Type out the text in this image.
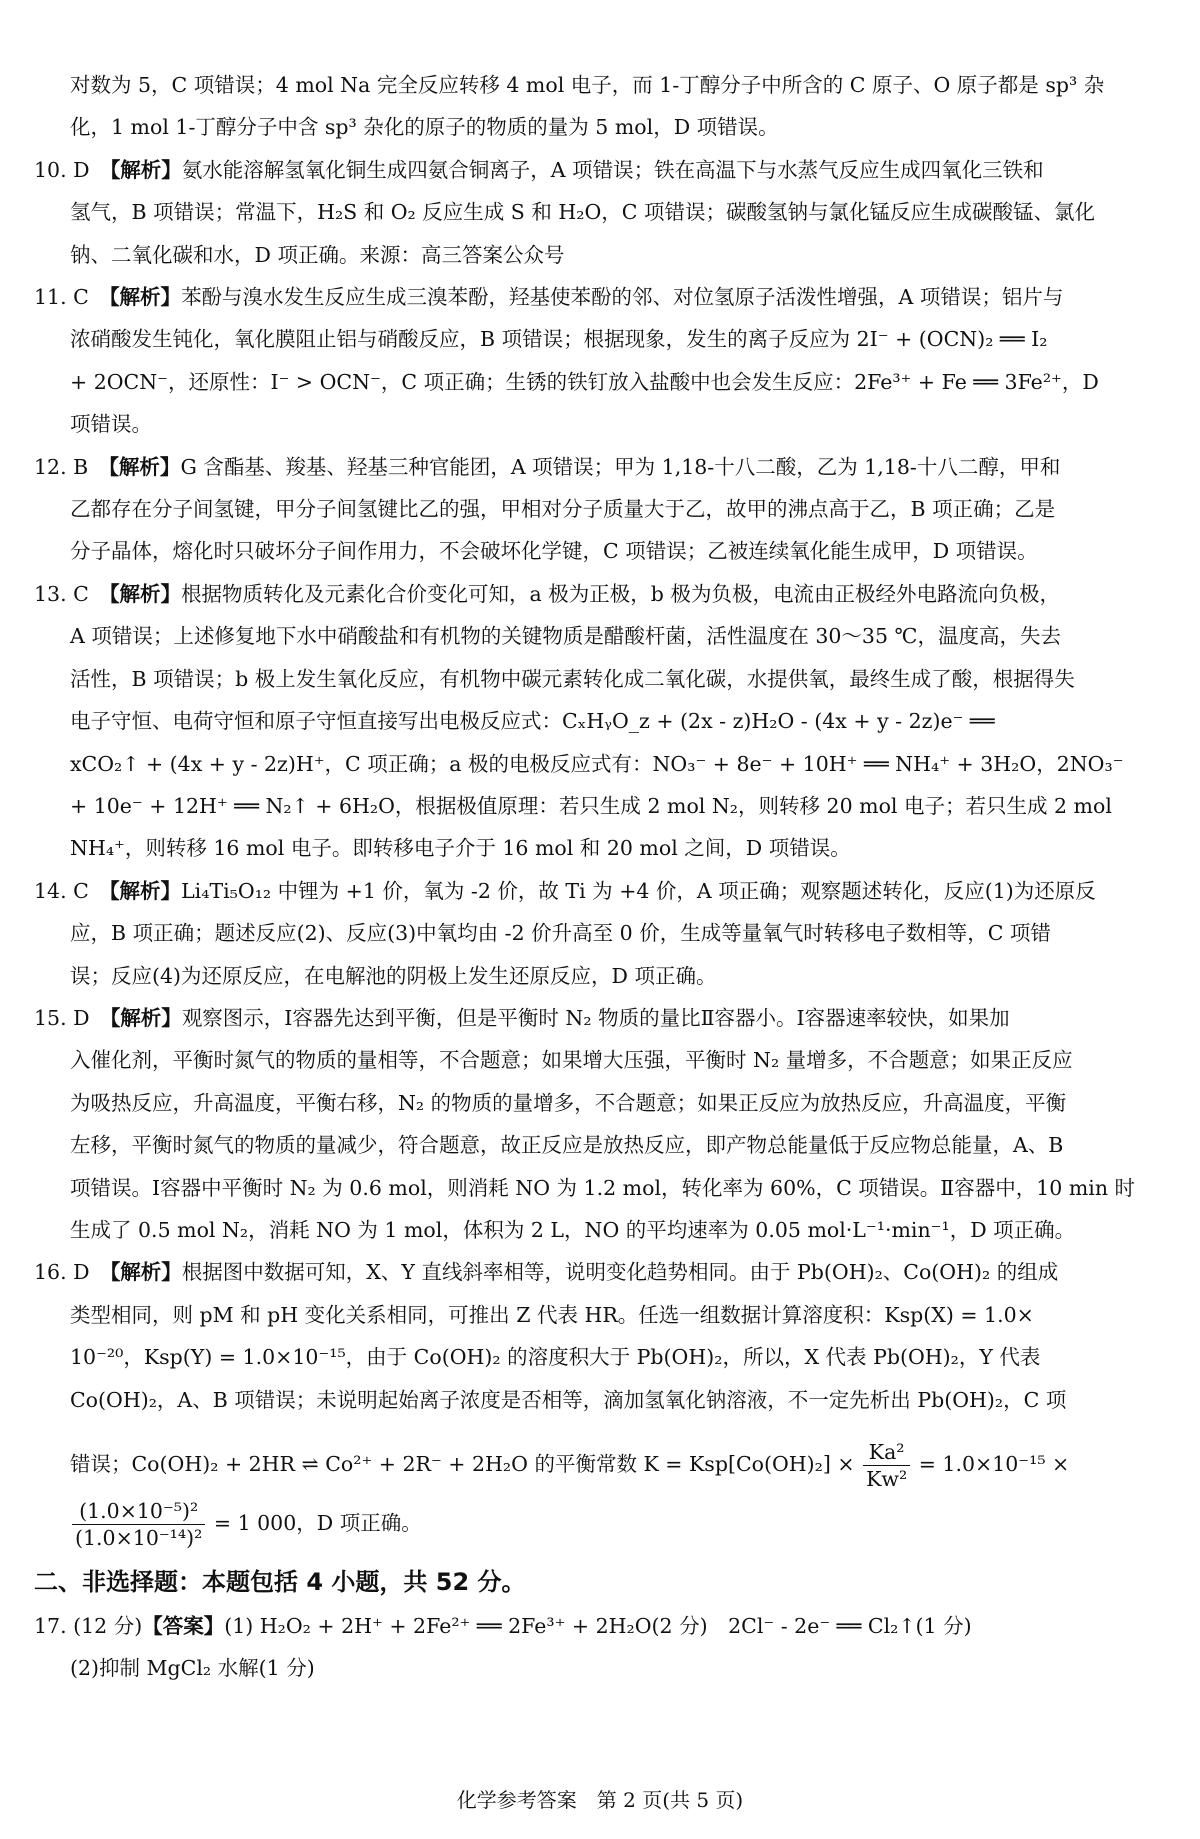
对数为 5，C 项错误；4 mol Na 完全反应转移 4 mol 电子，而 1-丁醇分子中所含的 C 原子、O 原子都是 sp³ 杂

化，1 mol 1-丁醇分子中含 sp³ 杂化的原子的物质的量为 5 mol，D 项错误。

10. D　 【解析】氨水能溶解氢氧化铜生成四氨合铜离子，A 项错误；铁在高温下与水蒸气反应生成四氧化三铁和

氢气，B 项错误；常温下，H₂S 和 O₂ 反应生成 S 和 H₂O，C 项错误；碳酸氢钠与氯化锰反应生成碳酸锰、氯化

钠、二氧化碳和水，D 项正确。来源：高三答案公众号

11. C　 【解析】苯酚与溴水发生反应生成三溴苯酚，羟基使苯酚的邻、对位氢原子活泼性增强，A 项错误；铝片与

浓硝酸发生钝化，氧化膜阻止铝与硝酸反应，B 项错误；根据现象，发生的离子反应为 2I⁻ + (OCN)₂ ══ I₂

+ 2OCN⁻，还原性：I⁻ > OCN⁻，C 项正确；生锈的铁钉放入盐酸中也会发生反应：2Fe³⁺ + Fe ══ 3Fe²⁺，D

项错误。

12. B　 【解析】G 含酯基、羧基、羟基三种官能团，A 项错误；甲为 1,18-十八二酸，乙为 1,18-十八二醇，甲和

乙都存在分子间氢键，甲分子间氢键比乙的强，甲相对分子质量大于乙，故甲的沸点高于乙，B 项正确；乙是

分子晶体，熔化时只破坏分子间作用力，不会破坏化学键，C 项错误；乙被连续氧化能生成甲，D 项错误。

13. C　 【解析】根据物质转化及元素化合价变化可知，a 极为正极，b 极为负极，电流由正极经外电路流向负极，

A 项错误；上述修复地下水中硝酸盐和有机物的关键物质是醋酸杆菌，活性温度在 30～35 ℃，温度高，失去

活性，B 项错误；b 极上发生氧化反应，有机物中碳元素转化成二氧化碳，水提供氧，最终生成了酸，根据得失

电子守恒、电荷守恒和原子守恒直接写出电极反应式：CₓHᵧO_z + (2x - z)H₂O - (4x + y - 2z)e⁻ ══

xCO₂↑ + (4x + y - 2z)H⁺，C 项正确；a 极的电极反应式有：NO₃⁻ + 8e⁻ + 10H⁺ ══ NH₄⁺ + 3H₂O，2NO₃⁻

+ 10e⁻ + 12H⁺ ══ N₂↑ + 6H₂O，根据极值原理：若只生成 2 mol N₂，则转移 20 mol 电子；若只生成 2 mol

NH₄⁺，则转移 16 mol 电子。即转移电子介于 16 mol 和 20 mol 之间，D 项错误。

14. C　 【解析】Li₄Ti₅O₁₂ 中锂为 +1 价，氧为 -2 价，故 Ti 为 +4 价，A 项正确；观察题述转化，反应(1)为还原反

应，B 项正确；题述反应(2)、反应(3)中氧均由 -2 价升高至 0 价，生成等量氧气时转移电子数相等，C 项错

误；反应(4)为还原反应，在电解池的阴极上发生还原反应，D 项正确。

15. D　 【解析】观察图示，Ⅰ容器先达到平衡，但是平衡时 N₂ 物质的量比Ⅱ容器小。Ⅰ容器速率较快，如果加

入催化剂，平衡时氮气的物质的量相等，不合题意；如果增大压强，平衡时 N₂ 量增多，不合题意；如果正反应

为吸热反应，升高温度，平衡右移，N₂ 的物质的量增多，不合题意；如果正反应为放热反应，升高温度，平衡

左移，平衡时氮气的物质的量减少，符合题意，故正反应是放热反应，即产物总能量低于反应物总能量，A、B

项错误。Ⅰ容器中平衡时 N₂ 为 0.6 mol，则消耗 NO 为 1.2 mol，转化率为 60%，C 项错误。Ⅱ容器中，10 min 时

生成了 0.5 mol N₂，消耗 NO 为 1 mol，体积为 2 L，NO 的平均速率为 0.05 mol·L⁻¹·min⁻¹，D 项正确。

16. D　 【解析】根据图中数据可知，X、Y 直线斜率相等，说明变化趋势相同。由于 Pb(OH)₂、Co(OH)₂ 的组成

类型相同，则 pM 和 pH 变化关系相同，可推出 Z 代表 HR。任选一组数据计算溶度积：Ksp(X) = 1.0×

10⁻²⁰，Ksp(Y) = 1.0×10⁻¹⁵，由于 Co(OH)₂ 的溶度积大于 Pb(OH)₂，所以，X 代表 Pb(OH)₂，Y 代表

Co(OH)₂，A、B 项错误；未说明起始离子浓度是否相等，滴加氢氧化钠溶液，不一定先析出 Pb(OH)₂，C 项

错误；Co(OH)₂ + 2HR ⇌ Co²⁺ + 2R⁻ + 2H₂O 的平衡常数 $K = Ksp[Co(OH)_2] \times \frac{\text{Ka²}}{\text{Kw²}} = 1.0\times 10^{-15}$ ×

$\frac{\text{(1.0×10⁻⁵)²}}{\text{(1.0×10⁻¹⁴)²}} = 1$ 000，D 项正确。

二、非选择题：本题包括 4 小题，共 52 分。

17. (12 分)【答案】(1) H₂O₂ + 2H⁺ + 2Fe²⁺ ══ 2Fe³⁺ + 2H₂O(2 分)　2Cl⁻ - 2e⁻ ══ Cl₂↑(1 分)

(2)抑制 MgCl₂ 水解(1 分)

化学参考答案　第 2 页(共 5 页)
